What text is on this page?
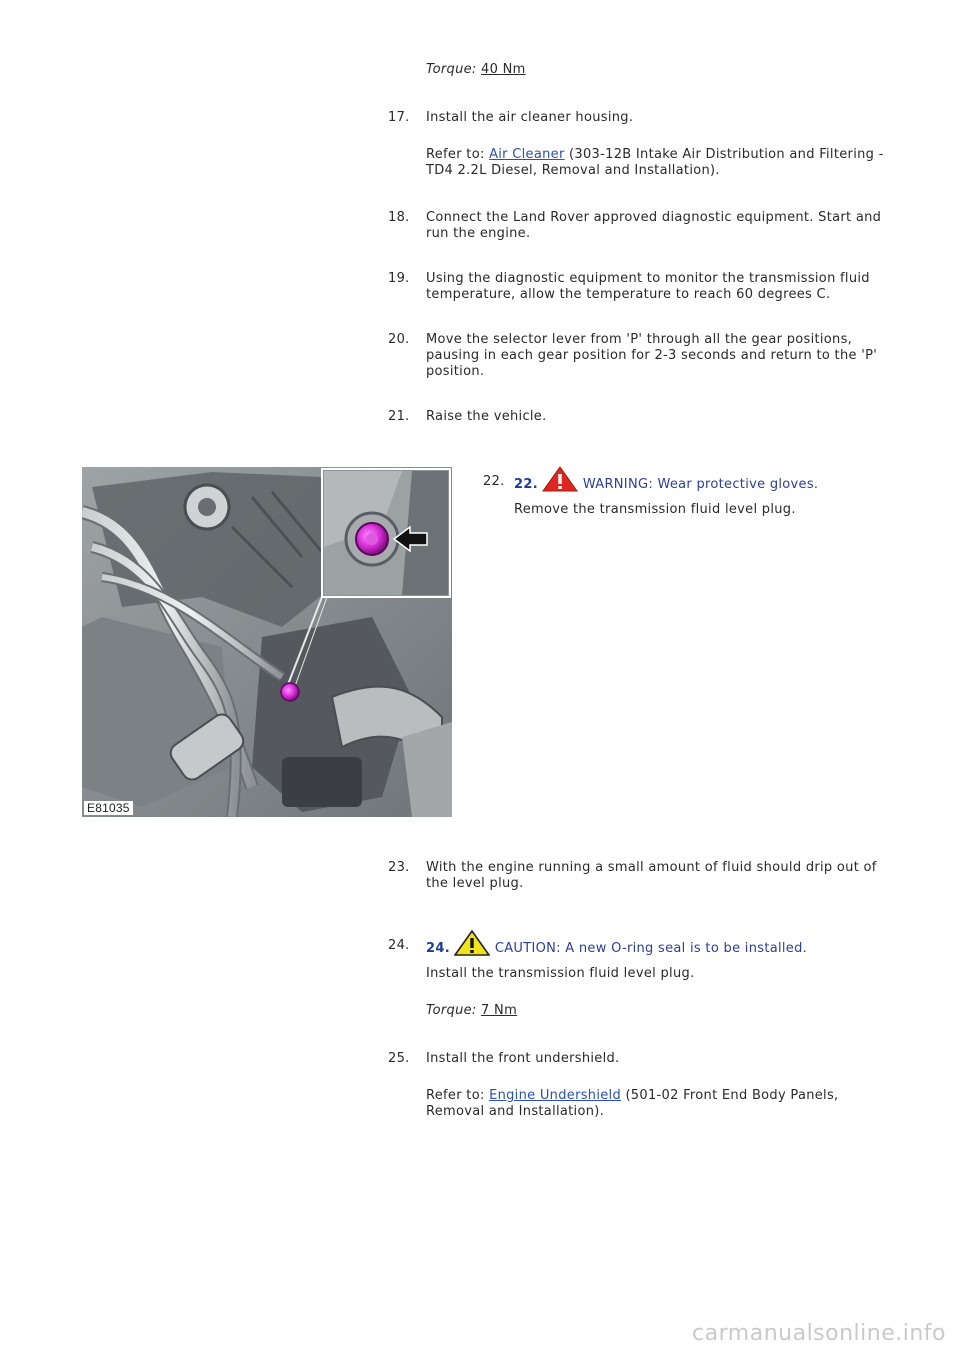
Torque: 40 Nm
17. Install the air cleaner housing.
Refer to: Air Cleaner (303-12B Intake Air Distribution and Filtering -
TD4 2.2L Diesel, Removal and Installation).
18. Connect the Land Rover approved diagnostic equipment. Start and
run the engine.
19. Using the diagnostic equipment to monitor the transmission fluid
temperature, allow the temperature to reach 60 degrees C.
20. Move the selector lever from 'P' through all the gear positions,
pausing in each gear position for 2-3 seconds and return to the 'P'
position.
21. Raise the vehicle.
E81035
22. 22.	WARNING: Wear protective gloves.
Remove the transmission fluid level plug.
23. With the engine running a small amount of fluid should drip out of
the level plug.
24. 24.	CAUTION: A new O-ring seal is to be installed.
Install the transmission fluid level plug.
Torque: 7 Nm
25. Install the front undershield.
Refer to: Engine Undershield (501-02 Front End Body Panels,
Removal and Installation).
carmanualsonline.info
